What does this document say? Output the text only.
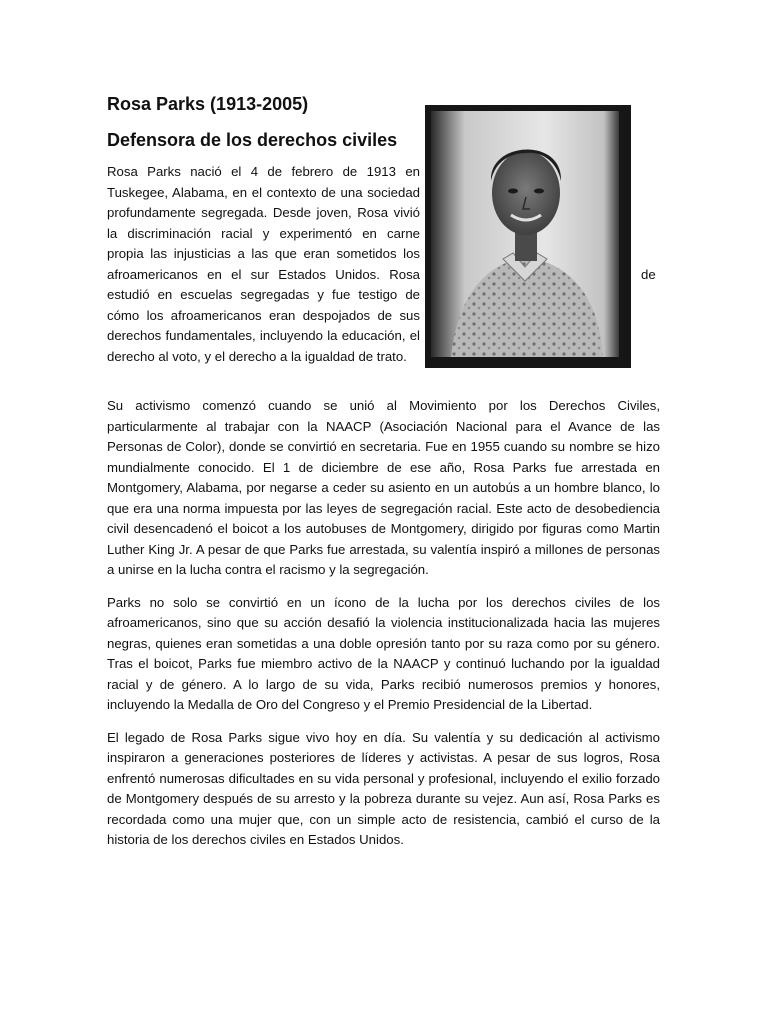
Rosa Parks (1913-2005)
Defensora de los derechos civiles

Rosa Parks nació el 4 de febrero de 1913 en Tuskegee, Alabama, en el contexto de una sociedad profundamente segregada. Desde joven, Rosa vivió la discriminación racial y experimentó en carne propia las injusticias a las que eran sometidos los afroamericanos en el sur Estados Unidos. Rosa estudió en escuelas segregadas y fue testigo de cómo los afroamericanos eran despojados de sus derechos fundamentales, incluyendo la educación, el derecho al voto, y el derecho a la igualdad de trato.

de

Su activismo comenzó cuando se unió al Movimiento por los Derechos Civiles, particularmente al trabajar con la NAACP (Asociación Nacional para el Avance de las Personas de Color), donde se convirtió en secretaria. Fue en 1955 cuando su nombre se hizo mundialmente conocido. El 1 de diciembre de ese año, Rosa Parks fue arrestada en Montgomery, Alabama, por negarse a ceder su asiento en un autobús a un hombre blanco, lo que era una norma impuesta por las leyes de segregación racial. Este acto de desobediencia civil desencadenó el boicot a los autobuses de Montgomery, dirigido por figuras como Martin Luther King Jr. A pesar de que Parks fue arrestada, su valentía inspiró a millones de personas a unirse en la lucha contra el racismo y la segregación.

Parks no solo se convirtió en un ícono de la lucha por los derechos civiles de los afroamericanos, sino que su acción desafió la violencia institucionalizada hacia las mujeres negras, quienes eran sometidas a una doble opresión tanto por su raza como por su género. Tras el boicot, Parks fue miembro activo de la NAACP y continuó luchando por la igualdad racial y de género. A lo largo de su vida, Parks recibió numerosos premios y honores, incluyendo la Medalla de Oro del Congreso y el Premio Presidencial de la Libertad.

El legado de Rosa Parks sigue vivo hoy en día. Su valentía y su dedicación al activismo inspiraron a generaciones posteriores de líderes y activistas. A pesar de sus logros, Rosa enfrentó numerosas dificultades en su vida personal y profesional, incluyendo el exilio forzado de Montgomery después de su arresto y la pobreza durante su vejez. Aun así, Rosa Parks es recordada como una mujer que, con un simple acto de resistencia, cambió el curso de la historia de los derechos civiles en Estados Unidos.
